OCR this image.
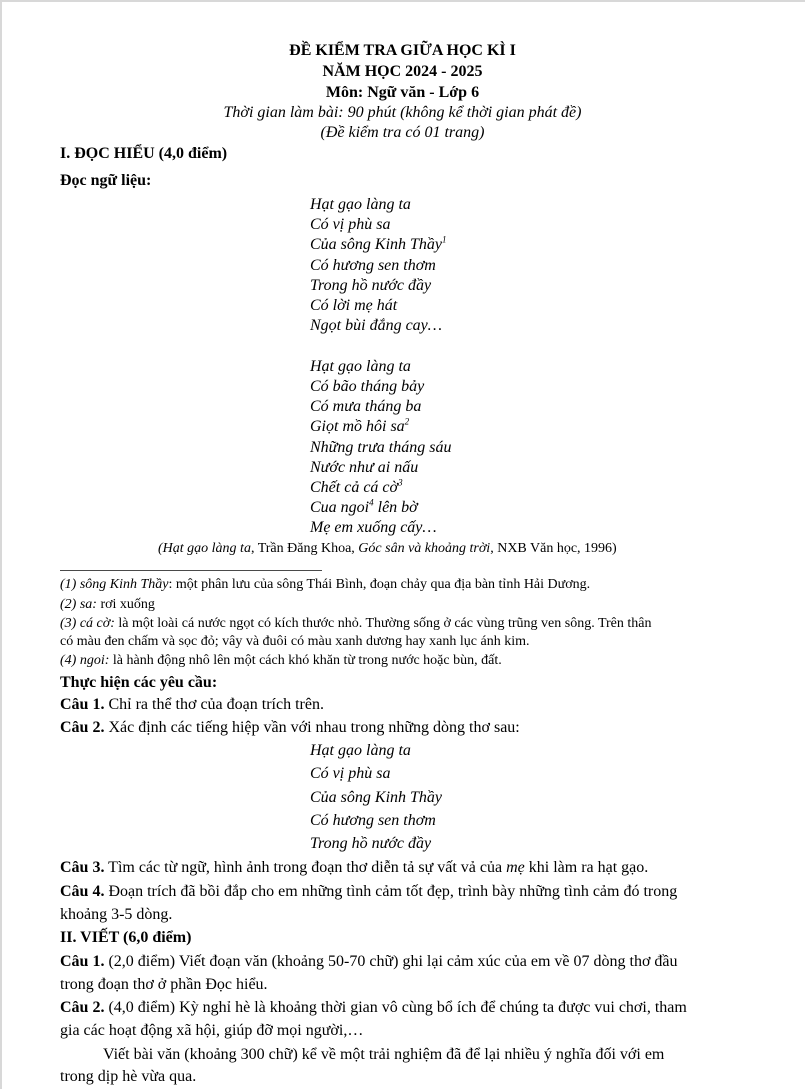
ĐỀ KIỂM TRA GIỮA HỌC KÌ I
NĂM HỌC 2024 - 2025
Môn: Ngữ văn - Lớp 6
Thời gian làm bài: 90 phút (không kể thời gian phát đề)
(Đề kiểm tra có 01 trang)
I. ĐỌC HIỂU (4,0 điểm)
Đọc ngữ liệu:
Hạt gạo làng ta
Có vị phù sa
Của sông Kinh Thầy$^1$
Có hương sen thơm
Trong hồ nước đầy
Có lời mẹ hát
Ngọt bùi đắng cay…
Hạt gạo làng ta
Có bão tháng bảy
Có mưa tháng ba
Giọt mồ hôi $sa^2$
Những trưa tháng sáu
Nước như ai nấu
Chết cả cá cờ$^3$
Cua ngoi$^4$ lên bờ
Mẹ em xuống cấy…
(Hạt gạo làng ta, Trần Đăng Khoa, Góc sân và khoảng trời, NXB Văn học, 1996)
(1) sông Kinh Thầy: một phân lưu của sông Thái Bình, đoạn chảy qua địa bàn tỉnh Hải Dương.
(2) sa: rơi xuống
(3) cá cờ: là một loài cá nước ngọt có kích thước nhỏ. Thường sống ở các vùng trũng ven sông. Trên thân
có màu đen chấm và sọc đỏ; vây và đuôi có màu xanh dương hay xanh lục ánh kim.
(4) ngoi: là hành động nhô lên một cách khó khăn từ trong nước hoặc bùn, đất.
Thực hiện các yêu cầu:
Câu 1. Chỉ ra thể thơ của đoạn trích trên.
Câu 2. Xác định các tiếng hiệp vần với nhau trong những dòng thơ sau:
Hạt gạo làng ta
Có vị phù sa
Của sông Kinh Thầy
Có hương sen thơm
Trong hồ nước đầy
Câu 3. Tìm các từ ngữ, hình ảnh trong đoạn thơ diễn tả sự vất vả của mẹ khi làm ra hạt gạo.
Câu 4. Đoạn trích đã bồi đắp cho em những tình cảm tốt đẹp, trình bày những tình cảm đó trong
khoảng 3-5 dòng.
II. VIẾT (6,0 điểm)
Câu 1. (2,0 điểm) Viết đoạn văn (khoảng 50-70 chữ) ghi lại cảm xúc của em về 07 dòng thơ đầu
trong đoạn thơ ở phần Đọc hiểu.
Câu 2. (4,0 điểm) Kỳ nghỉ hè là khoảng thời gian vô cùng bổ ích để chúng ta được vui chơi, tham
gia các hoạt động xã hội, giúp đỡ mọi người,…
Viết bài văn (khoảng 300 chữ) kể về một trải nghiệm đã để lại nhiều ý nghĩa đối với em
trong dịp hè vừa qua.
